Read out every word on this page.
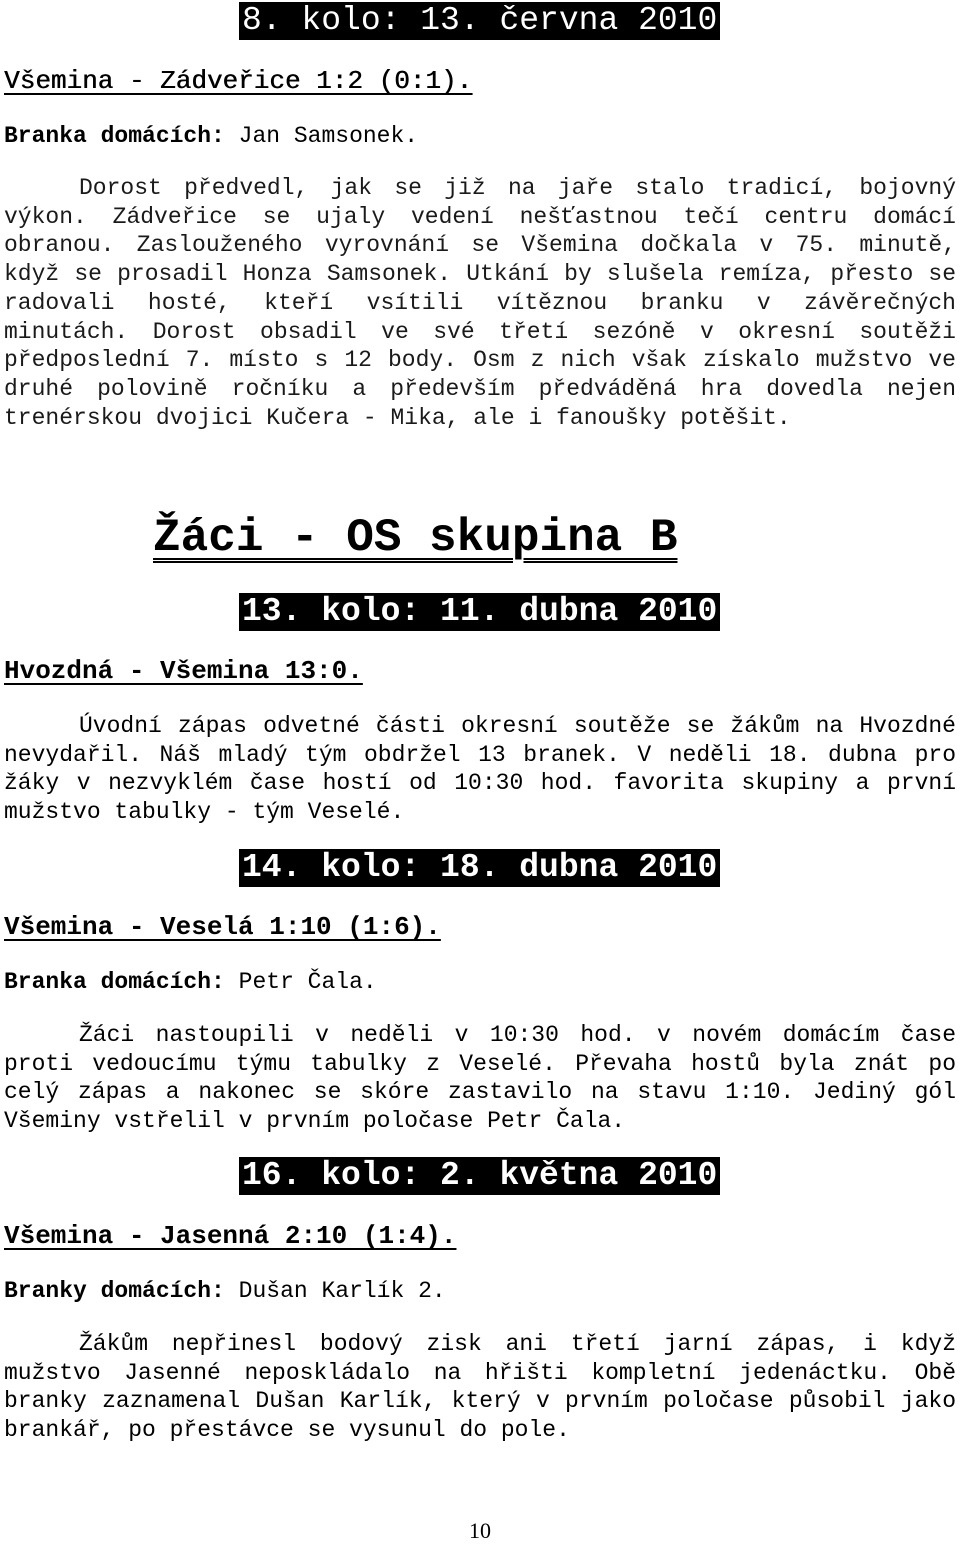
8. kolo: 13. června 2010
Všemina - Zádveřice 1:2 (0:1).
Branka domácích: Jan Samsonek.

Dorost předvedl, jak se již na jaře stalo tradicí, bojovný výkon. Zádveřice se ujaly vedení nešťastnou tečí centru domácí obranou. Zaslouženého vyrovnání se Všemina dočkala v 75. minutě, když se prosadil Honza Samsonek. Utkání by slušela remíza, přesto se radovali hosté, kteří vsítili vítěznou branku v závěrečných minutách. Dorost obsadil ve své třetí sezóně v okresní soutěži předposlední 7. místo s 12 body. Osm z nich však získalo mužstvo ve druhé polovině ročníku a především předváděná hra dovedla nejen trenérskou dvojici Kučera - Mika, ale i fanoušky potěšit.

Žáci - OS skupina B
13. kolo: 11. dubna 2010
Hvozdná - Všemina 13:0.

Úvodní zápas odvetné části okresní soutěže se žákům na Hvozdné nevydařil. Náš mladý tým obdržel 13 branek. V neděli 18. dubna pro žáky v nezvyklém čase hostí od 10:30 hod. favorita skupiny a první mužstvo tabulky - tým Veselé.

14. kolo: 18. dubna 2010
Všemina - Veselá 1:10 (1:6).
Branka domácích: Petr Čala.

Žáci nastoupili v neděli v 10:30 hod. v novém domácím čase proti vedoucímu týmu tabulky z Veselé. Převaha hostů byla znát po celý zápas a nakonec se skóre zastavilo na stavu 1:10. Jediný gól Všeminy vstřelil v prvním poločase Petr Čala.

16. kolo: 2. května 2010
Všemina - Jasenná 2:10 (1:4).
Branky domácích: Dušan Karlík 2.

Žákům nepřinesl bodový zisk ani třetí jarní zápas, i když mužstvo Jasenné neposkládalo na hřišti kompletní jedenáctku. Obě branky zaznamenal Dušan Karlík, který v prvním poločase působil jako brankář, po přestávce se vysunul do pole.

10
